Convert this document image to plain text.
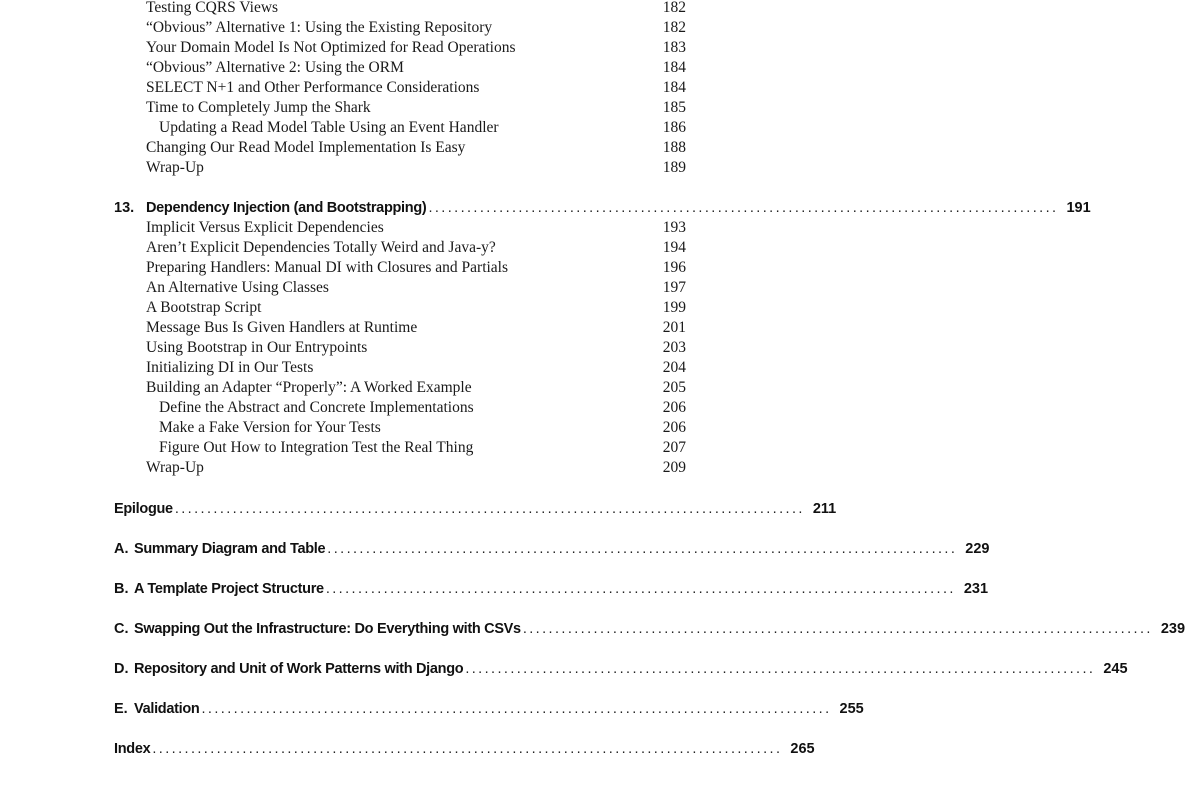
Testing CQRS Views	182
“Obvious” Alternative 1: Using the Existing Repository	182
Your Domain Model Is Not Optimized for Read Operations	183
“Obvious” Alternative 2: Using the ORM	184
SELECT N+1 and Other Performance Considerations	184
Time to Completely Jump the Shark	185
Updating a Read Model Table Using an Event Handler	186
Changing Our Read Model Implementation Is Easy	188
Wrap-Up	189
13. Dependency Injection (and Bootstrapping) .................................................................................................. 191
Implicit Versus Explicit Dependencies	193
Aren’t Explicit Dependencies Totally Weird and Java-y?	194
Preparing Handlers: Manual DI with Closures and Partials	196
An Alternative Using Classes	197
A Bootstrap Script	199
Message Bus Is Given Handlers at Runtime	201
Using Bootstrap in Our Entrypoints	203
Initializing DI in Our Tests	204
Building an Adapter “Properly”: A Worked Example	205
Define the Abstract and Concrete Implementations	206
Make a Fake Version for Your Tests	206
Figure Out How to Integration Test the Real Thing	207
Wrap-Up	209
Epilogue .................................................................................................. 211
A. Summary Diagram and Table .................................................................................................. 229
B. A Template Project Structure .................................................................................................. 231
C. Swapping Out the Infrastructure: Do Everything with CSVs .................................................................................................. 239
D. Repository and Unit of Work Patterns with Django .................................................................................................. 245
E. Validation .................................................................................................. 255
Index .................................................................................................. 265
